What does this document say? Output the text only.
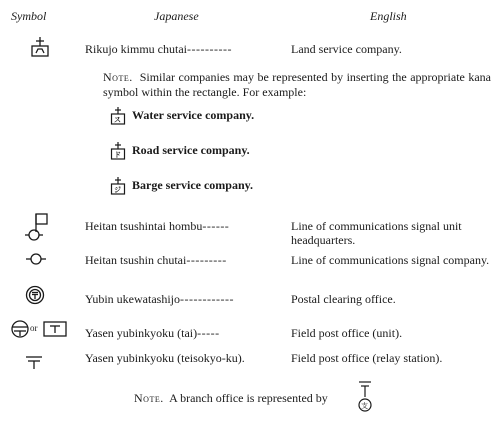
Symbol	Japanese	English
Rikujo kimmu chutai----------	Land service company.
Note. Similar companies may be represented by inserting the appropriate kana symbol within the rectangle. For example:
ス Water service company.
ド Road service company.
ジ Barge service company.
Heitan tsushintai hombu------	Line of communications signal unit headquarters.
Heitan tsushin chutai---------	Line of communications signal company.
Yubin ukewatashijo------------	Postal clearing office.
or	Yasen yubinkyoku (tai)-----	Field post office (unit).
Yasen yubinkyoku (teisokyo-ku).	Field post office (relay station).
Note. A branch office is represented by
支
